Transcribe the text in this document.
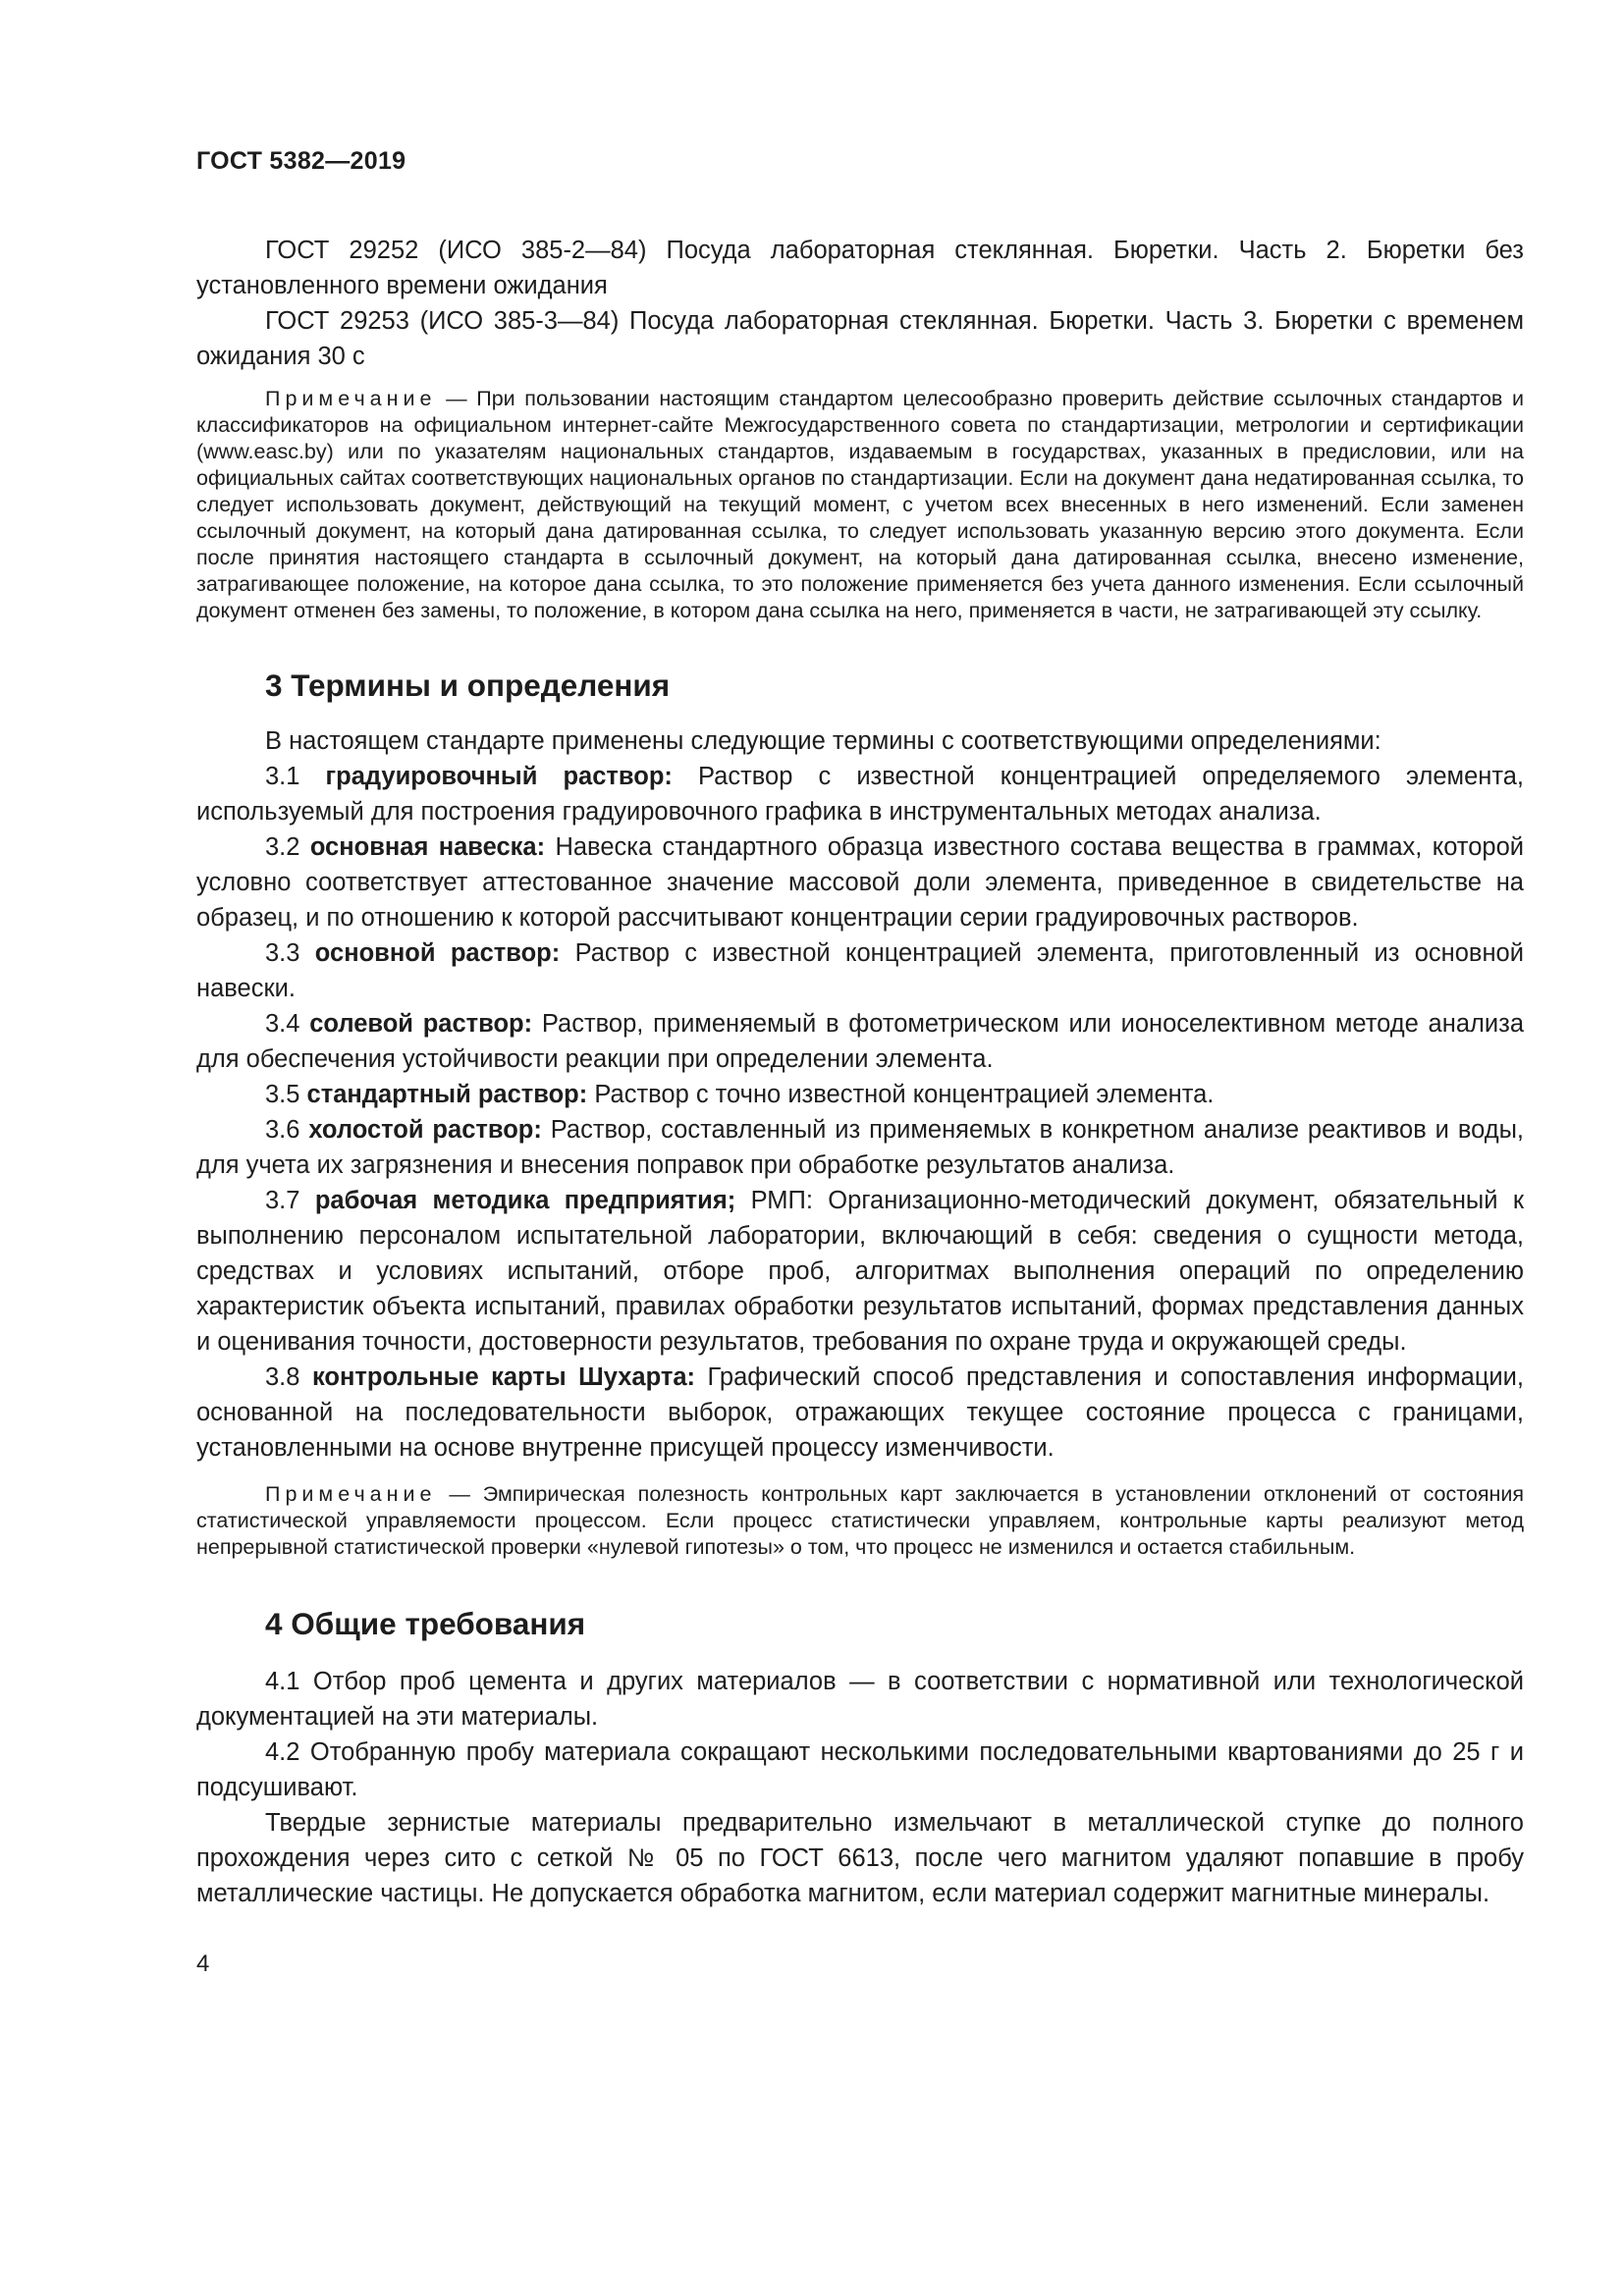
ГОСТ 5382—2019

ГОСТ 29252 (ИСО 385-2—84) Посуда лабораторная стеклянная. Бюретки. Часть 2. Бюретки без установленного времени ожидания

ГОСТ 29253 (ИСО 385-3—84) Посуда лабораторная стеклянная. Бюретки. Часть 3. Бюретки с временем ожидания 30 с

Примечание — При пользовании настоящим стандартом целесообразно проверить действие ссылочных стандартов и классификаторов на официальном интернет-сайте Межгосударственного совета по стандартизации, метрологии и сертификации (www.easc.by) или по указателям национальных стандартов, издаваемым в государствах, указанных в предисловии, или на официальных сайтах соответствующих национальных органов по стандартизации. Если на документ дана недатированная ссылка, то следует использовать документ, действующий на текущий момент, с учетом всех внесенных в него изменений. Если заменен ссылочный документ, на который дана датированная ссылка, то следует использовать указанную версию этого документа. Если после принятия настоящего стандарта в ссылочный документ, на который дана датированная ссылка, внесено изменение, затрагивающее положение, на которое дана ссылка, то это положение применяется без учета данного изменения. Если ссылочный документ отменен без замены, то положение, в котором дана ссылка на него, применяется в части, не затрагивающей эту ссылку.
3 Термины и определения

В настоящем стандарте применены следующие термины с соответствующими определениями:

3.1 градуировочный раствор: Раствор с известной концентрацией определяемого элемента, используемый для построения градуировочного графика в инструментальных методах анализа.

3.2 основная навеска: Навеска стандартного образца известного состава вещества в граммах, которой условно соответствует аттестованное значение массовой доли элемента, приведенное в свидетельстве на образец, и по отношению к которой рассчитывают концентрации серии градуировочных растворов.

3.3 основной раствор: Раствор с известной концентрацией элемента, приготовленный из основной навески.

3.4 солевой раствор: Раствор, применяемый в фотометрическом или ионоселективном методе анализа для обеспечения устойчивости реакции при определении элемента.

3.5 стандартный раствор: Раствор с точно известной концентрацией элемента.

3.6 холостой раствор: Раствор, составленный из применяемых в конкретном анализе реактивов и воды, для учета их загрязнения и внесения поправок при обработке результатов анализа.

3.7 рабочая методика предприятия; РМП: Организационно-методический документ, обязательный к выполнению персоналом испытательной лаборатории, включающий в себя: сведения о сущности метода, средствах и условиях испытаний, отборе проб, алгоритмах выполнения операций по определению характеристик объекта испытаний, правилах обработки результатов испытаний, формах представления данных и оценивания точности, достоверности результатов, требования по охране труда и окружающей среды.

3.8 контрольные карты Шухарта: Графический способ представления и сопоставления информации, основанной на последовательности выборок, отражающих текущее состояние процесса с границами, установленными на основе внутренне присущей процессу изменчивости.

Примечание — Эмпирическая полезность контрольных карт заключается в установлении отклонений от состояния статистической управляемости процессом. Если процесс статистически управляем, контрольные карты реализуют метод непрерывной статистической проверки «нулевой гипотезы» о том, что процесс не изменился и остается стабильным.
4 Общие требования

4.1 Отбор проб цемента и других материалов — в соответствии с нормативной или технологической документацией на эти материалы.

4.2 Отобранную пробу материала сокращают несколькими последовательными квартованиями до 25 г и подсушивают.

Твердые зернистые материалы предварительно измельчают в металлической ступке до полного прохождения через сито с сеткой № 05 по ГОСТ 6613, после чего магнитом удаляют попавшие в пробу металлические частицы. Не допускается обработка магнитом, если материал содержит магнитные минералы.

4
